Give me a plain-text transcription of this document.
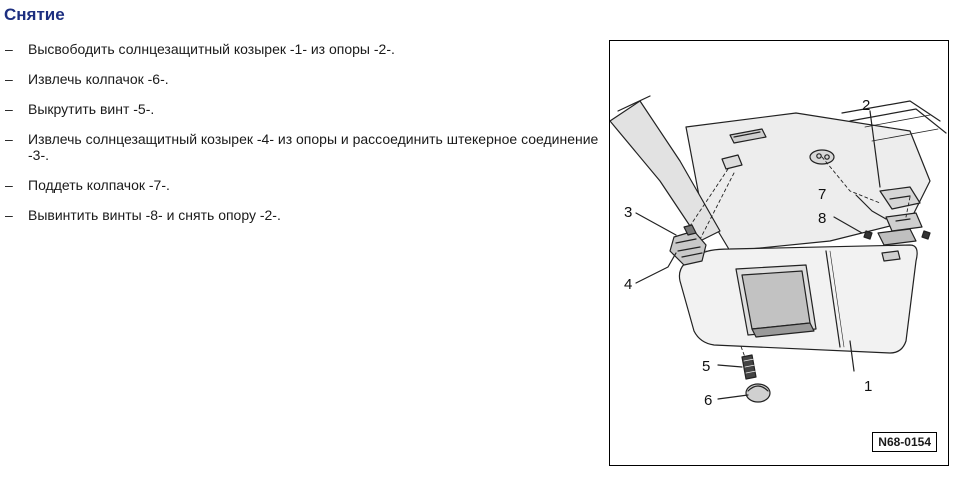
Снятие
– Высвободить солнцезащитный козырек -1- из опоры -2-.
– Извлечь колпачок -6-.
– Выкрутить винт -5-.
– Извлечь солнцезащитный козырек -4- из опоры и рассоединить штекерное соединение -3-.
– Поддеть колпачок -7-.
– Вывинтить винты -8- и снять опору -2-.
1
2
3
4
5
6
7
8
N68-0154
